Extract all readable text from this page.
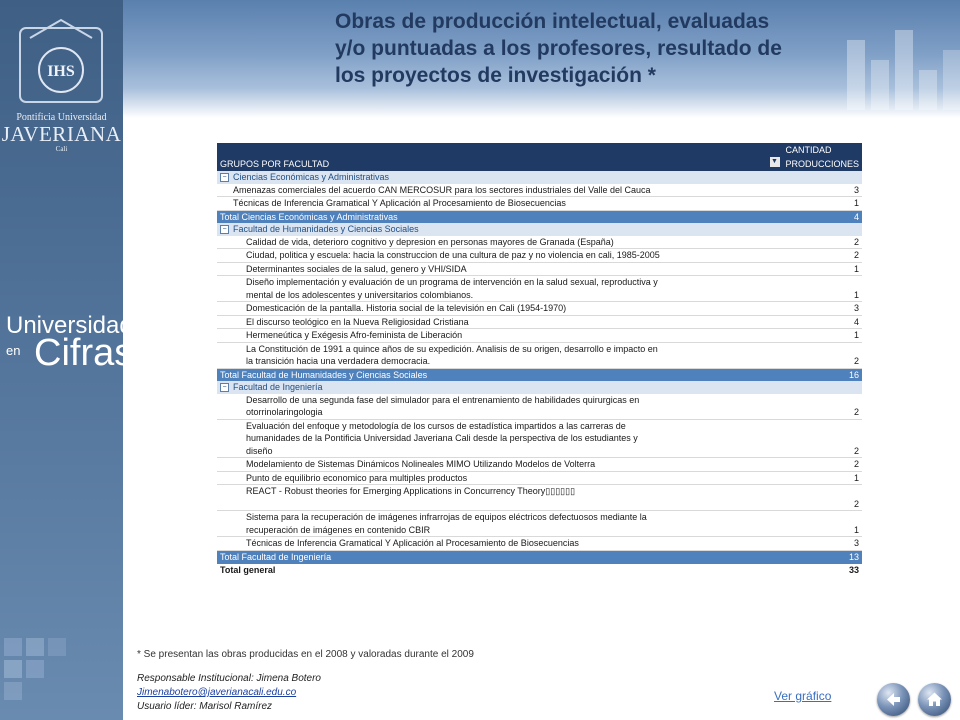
IHS
Pontificia Universidad
JAVERIANA
Cali
Universidad
en Cifras
Obras de producción intelectual, evaluadas y/o puntuadas a los profesores, resultado de los proyectos de investigación *
GRUPOS POR FACULTAD ▼	CANTIDAD PRODUCCIONES
− Ciencias Económicas y Administrativas	
Amenazas comerciales del acuerdo CAN MERCOSUR para los sectores industriales del Valle del Cauca	3
Técnicas de Inferencia Gramatical Y Aplicación al Procesamiento de Biosecuencias	1
Total Ciencias Económicas y Administrativas	4
− Facultad de Humanidades y Ciencias Sociales	
Calidad de vida, deterioro cognitivo y depresion en personas mayores de Granada (España)	2
Ciudad, politica y escuela: hacia la construccion de una cultura de paz y no violencia en cali, 1985-2005	2
Determinantes sociales de la salud, genero y VHI/SIDA	1
Diseño implementación y evaluación de un programa de intervención en la salud sexual, reproductiva y	
mental de los adolescentes y universitarios colombianos.	1
Domesticación de la pantalla. Historia social de la televisión en Cali (1954-1970)	3
El discurso teológico en la Nueva Religiosidad Cristiana	4
Hermeneútica y Exégesis Afro-feminista de Liberación	1
La Constitución de 1991 a quince años de su expedición. Analisis de su origen, desarrollo e impacto en	
la transición hacia una verdadera democracia.	2
Total Facultad de Humanidades y Ciencias Sociales	16
− Facultad de Ingeniería	
Desarrollo de una segunda fase del simulador para el entrenamiento de habilidades quirurgicas en	
otorrinolaringologia	2
Evaluación del enfoque y metodología de los cursos de estadística impartidos a las carreras de	
humanidades de la Pontificia Universidad Javeriana Cali desde la perspectiva de los estudiantes y	
diseño	2
Modelamiento de Sistemas Dinámicos Nolineales MIMO Utilizando Modelos de Volterra	2
Punto de equilibrio economico para multiples productos	1
REACT - Robust theories for Emerging Applications in Concurrency Theory▯▯▯▯▯▯	
	2
Sistema para la recuperación de imágenes infrarrojas de equipos eléctricos defectuosos mediante la	
recuperación de imágenes en contenido CBIR	1
Técnicas de Inferencia Gramatical Y Aplicación al Procesamiento de Biosecuencias	3
Total Facultad de Ingeniería	13
Total general	33
* Se presentan las obras producidas en el 2008 y valoradas durante el 2009
Responsable Institucional: Jimena Botero
Jimenabotero@javerianacali.edu.co
Usuario líder: Marisol Ramírez
Ver gráfico
